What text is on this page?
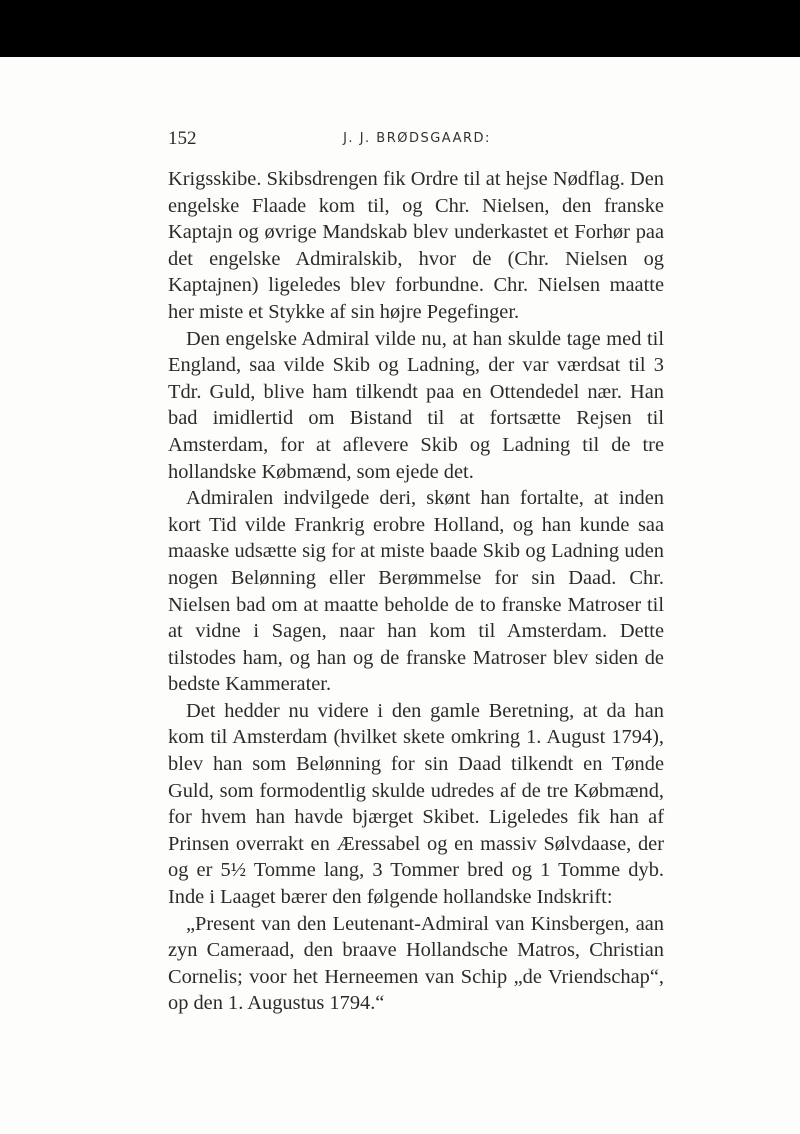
152	J. J. BRØDSGAARD:

Krigsskibe. Skibsdrengen fik Ordre til at hejse Nødflag. Den engelske Flaade kom til, og Chr. Nielsen, den franske Kaptajn og øvrige Mandskab blev underkastet et Forhør paa det engelske Admiralskib, hvor de (Chr. Nielsen og Kaptajnen) ligeledes blev forbundne. Chr. Nielsen maatte her miste et Stykke af sin højre Pegefinger.

Den engelske Admiral vilde nu, at han skulde tage med til England, saa vilde Skib og Ladning, der var værdsat til 3 Tdr. Guld, blive ham tilkendt paa en Ottendedel nær. Han bad imidlertid om Bistand til at fortsætte Rejsen til Amsterdam, for at aflevere Skib og Ladning til de tre hollandske Købmænd, som ejede det.

Admiralen indvilgede deri, skønt han fortalte, at inden kort Tid vilde Frankrig erobre Holland, og han kunde saa maaske udsætte sig for at miste baade Skib og Ladning uden nogen Belønning eller Berømmelse for sin Daad. Chr. Nielsen bad om at maatte beholde de to franske Matroser til at vidne i Sagen, naar han kom til Amsterdam. Dette tilstodes ham, og han og de franske Matroser blev siden de bedste Kammerater.

Det hedder nu videre i den gamle Beretning, at da han kom til Amsterdam (hvilket skete omkring 1. August 1794), blev han som Belønning for sin Daad tilkendt en Tønde Guld, som formodentlig skulde udredes af de tre Købmænd, for hvem han havde bjærget Skibet. Ligeledes fik han af Prinsen overrakt en Æressabel og en massiv Sølvdaase, der og er 5½ Tomme lang, 3 Tommer bred og 1 Tomme dyb. Inde i Laaget bærer den følgende hollandske Indskrift:

„Present van den Leutenant-Admiral van Kinsbergen, aan zyn Cameraad, den braave Hollandsche Matros, Christian Cornelis; voor het Herneemen van Schip „de Vriendschap“, op den 1. Augustus 1794.“
